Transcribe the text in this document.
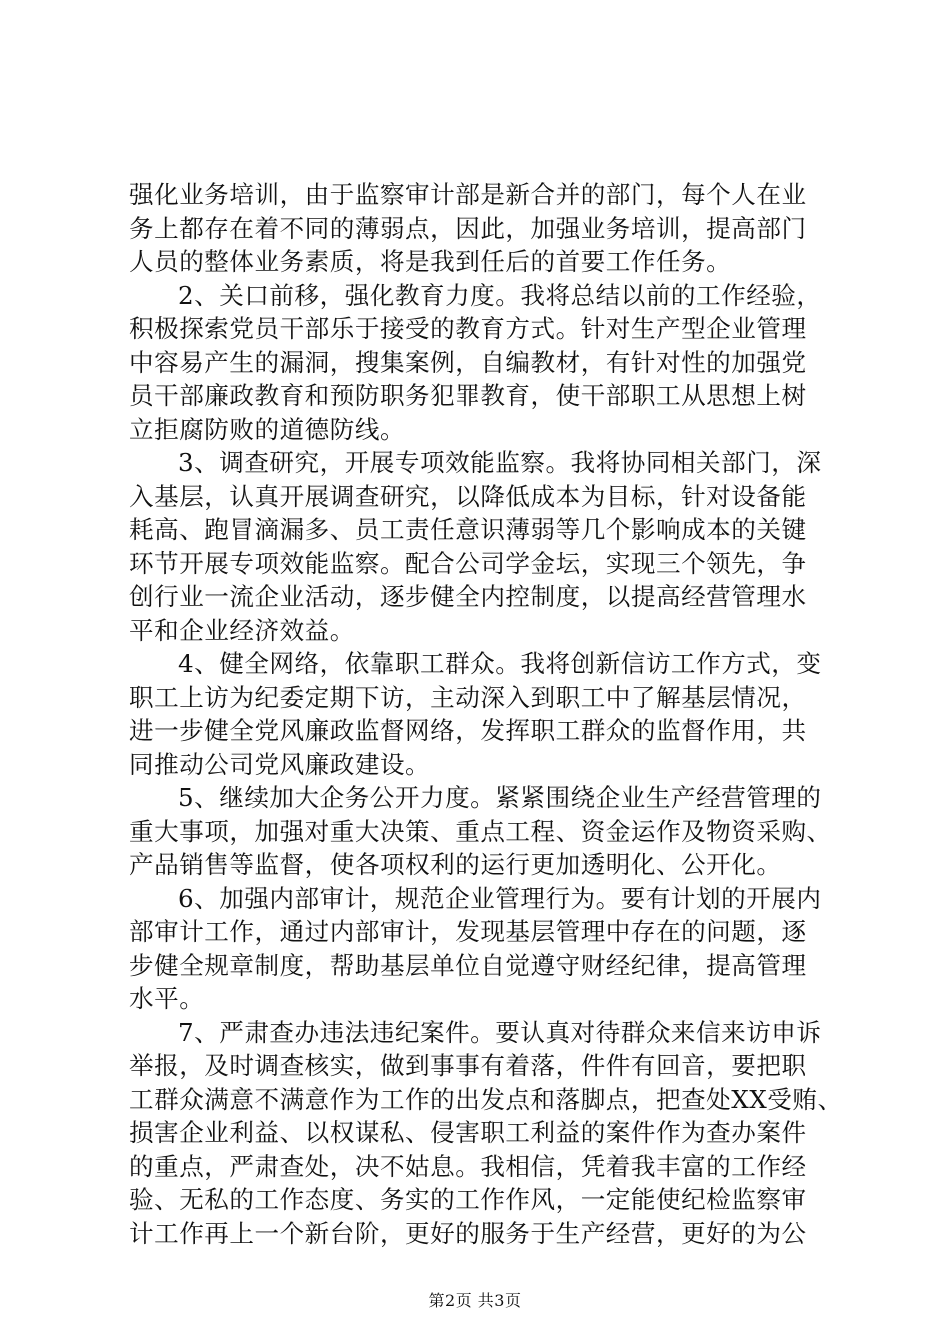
强化业务培训，由于监察审计部是新合并的部门，每个人在业
务上都存在着不同的薄弱点，因此，加强业务培训，提高部门
人员的整体业务素质，将是我到任后的首要工作任务。
2、关口前移，强化教育力度。我将总结以前的工作经验，
积极探索党员干部乐于接受的教育方式。针对生产型企业管理
中容易产生的漏洞，搜集案例，自编教材，有针对性的加强党
员干部廉政教育和预防职务犯罪教育，使干部职工从思想上树
立拒腐防败的道德防线。
3、调查研究，开展专项效能监察。我将协同相关部门，深
入基层，认真开展调查研究，以降低成本为目标，针对设备能
耗高、跑冒滴漏多、员工责任意识薄弱等几个影响成本的关键
环节开展专项效能监察。配合公司学金坛，实现三个领先，争
创行业一流企业活动，逐步健全内控制度，以提高经营管理水
平和企业经济效益。
4、健全网络，依靠职工群众。我将创新信访工作方式，变
职工上访为纪委定期下访，主动深入到职工中了解基层情况，
进一步健全党风廉政监督网络，发挥职工群众的监督作用，共
同推动公司党风廉政建设。
5、继续加大企务公开力度。紧紧围绕企业生产经营管理的
重大事项，加强对重大决策、重点工程、资金运作及物资采购、
产品销售等监督，使各项权利的运行更加透明化、公开化。
6、加强内部审计，规范企业管理行为。要有计划的开展内
部审计工作，通过内部审计，发现基层管理中存在的问题，逐
步健全规章制度，帮助基层单位自觉遵守财经纪律，提高管理
水平。
7、严肃查办违法违纪案件。要认真对待群众来信来访申诉
举报，及时调查核实，做到事事有着落，件件有回音，要把职
工群众满意不满意作为工作的出发点和落脚点，把查处XX受贿、
损害企业利益、以权谋私、侵害职工利益的案件作为查办案件
的重点，严肃查处，决不姑息。我相信，凭着我丰富的工作经
验、无私的工作态度、务实的工作作风，一定能使纪检监察审
计工作再上一个新台阶，更好的服务于生产经营，更好的为公
第2页 共3页
